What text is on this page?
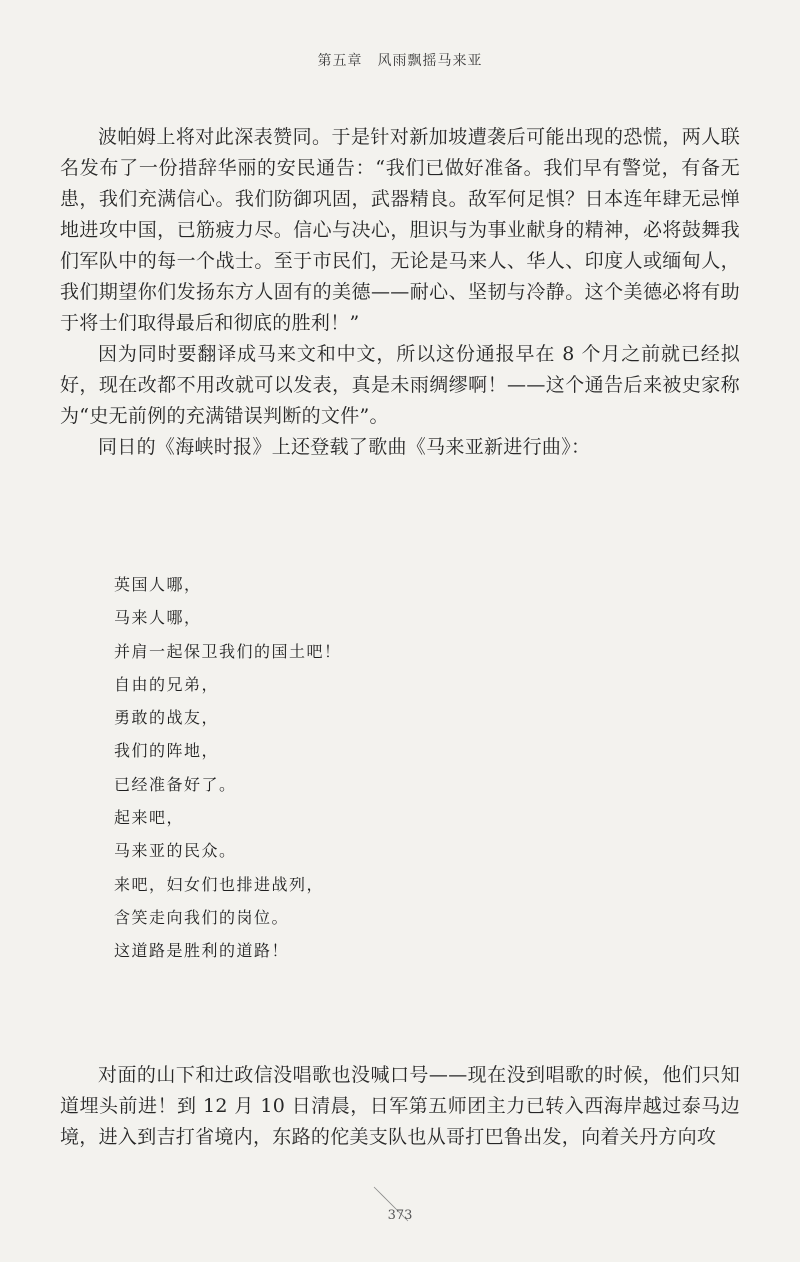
第五章　风雨飘摇马来亚

波帕姆上将对此深表赞同。于是针对新加坡遭袭后可能出现的恐慌，两人联名发布了一份措辞华丽的安民通告：“我们已做好准备。我们早有警觉，有备无患，我们充满信心。我们防御巩固，武器精良。敌军何足惧？日本连年肆无忌惮地进攻中国，已筋疲力尽。信心与决心，胆识与为事业献身的精神，必将鼓舞我们军队中的每一个战士。至于市民们，无论是马来人、华人、印度人或缅甸人，我们期望你们发扬东方人固有的美德——耐心、坚韧与冷静。这个美德必将有助于将士们取得最后和彻底的胜利！”

因为同时要翻译成马来文和中文，所以这份通报早在 8 个月之前就已经拟好，现在改都不用改就可以发表，真是未雨绸缪啊！——这个通告后来被史家称为“史无前例的充满错误判断的文件”。

同日的《海峡时报》上还登载了歌曲《马来亚新进行曲》：

英国人哪，
马来人哪，
并肩一起保卫我们的国土吧！
自由的兄弟，
勇敢的战友，
我们的阵地，
已经准备好了。
起来吧，
马来亚的民众。
来吧，妇女们也排进战列，
含笑走向我们的岗位。
这道路是胜利的道路！

对面的山下和辻政信没唱歌也没喊口号——现在没到唱歌的时候，他们只知道埋头前进！到 12 月 10 日清晨，日军第五师团主力已转入西海岸越过泰马边境，进入到吉打省境内，东路的佗美支队也从哥打巴鲁出发，向着关丹方向攻

373
